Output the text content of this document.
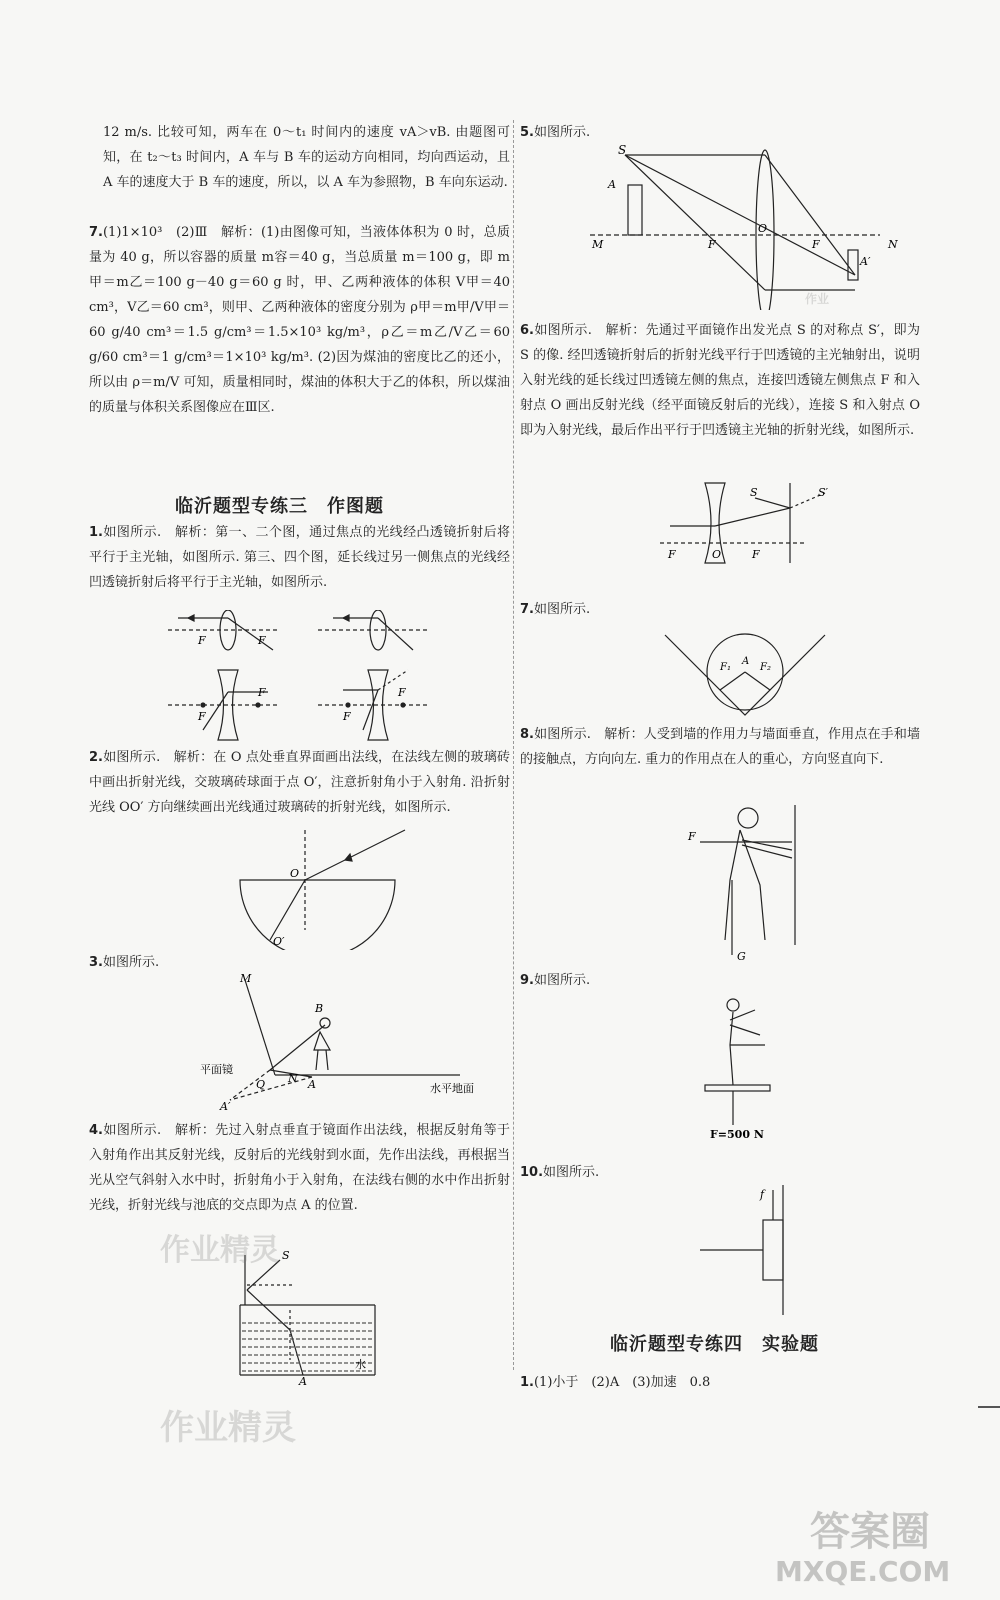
12 m/s. 比较可知，两车在 0～t₁ 时间内的速度 vA＞vB. 由题图可知，在 t₂～t₃ 时间内，A 车与 B 车的运动方向相同，均向西运动，且 A 车的速度大于 B 车的速度，所以，以 A 车为参照物，B 车向东运动.

7.(1)1×10³　(2)Ⅲ　解析：(1)由图像可知，当液体体积为 0 时，总质量为 40 g，所以容器的质量 m容＝40 g，当总质量 m＝100 g，即 m甲＝m乙＝100 g－40 g＝60 g 时，甲、乙两种液体的体积 V甲＝40 cm³，V乙＝60 cm³，则甲、乙两种液体的密度分别为 ρ甲＝m甲/V甲＝60 g/40 cm³＝1.5 g/cm³＝1.5×10³ kg/m³，ρ乙＝m乙/V乙＝60 g/60 cm³＝1 g/cm³＝1×10³ kg/m³. (2)因为煤油的密度比乙的还小，所以由 ρ＝m/V 可知，质量相同时，煤油的体积大于乙的体积，所以煤油的质量与体积关系图像应在Ⅲ区.

临沂题型专练三　作图题

1.如图所示.　解析：第一、二个图，通过焦点的光线经凸透镜折射后将平行于主光轴，如图所示. 第三、四个图，延长线过另一侧焦点的光线经凹透镜折射后将平行于主光轴，如图所示.

F	F
F
F
F
F

2.如图所示.　解析：在 O 点处垂直界面画出法线，在法线左侧的玻璃砖中画出折射光线，交玻璃砖球面于点 O′，注意折射角小于入射角. 沿折射光线 OO′ 方向继续画出光线通过玻璃砖的折射光线，如图所示.

O
O′

3.如图所示.

M
B
Q N A
A′
平面镜
水平地面

4.如图所示.　解析：先过入射点垂直于镜面作出法线，根据反射角等于入射角作出其反射光线，反射后的光线射到水面，先作出法线，再根据当光从空气斜射入水中时，折射角小于入射角，在法线右侧的水中作出折射光线，折射光线与池底的交点即为点 A 的位置.

S
水
A

5.如图所示.

S
A
M	F
O
F	N
A′

6.如图所示.　解析：先通过平面镜作出发光点 S 的对称点 S′，即为 S 的像. 经凹透镜折射后的折射光线平行于凹透镜的主光轴射出，说明入射光线的延长线过凹透镜左侧的焦点，连接凹透镜左侧焦点 F 和入射点 O 画出反射光线（经平面镜反射后的光线），连接 S 和入射点 O 即为入射光线，最后作出平行于凹透镜主光轴的折射光线，如图所示.

S	S′
F	O	F

7.如图所示.

F₁
A
F₂

8.如图所示.　解析：人受到墙的作用力与墙面垂直，作用点在手和墙的接触点，方向向左. 重力的作用点在人的重心，方向竖直向下.

F
G

9.如图所示.

F=500 N

10.如图所示.

f
临沂题型专练四　实验题

1.(1)小于　(2)A　(3)加速　0.8

作业精灵
作业精灵
作业
答案圈
MXQE.COM
